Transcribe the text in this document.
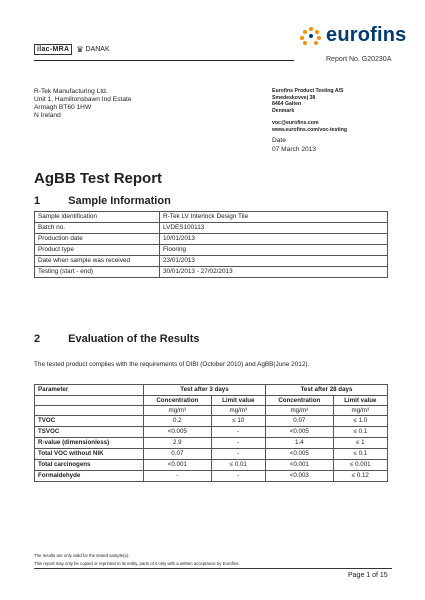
ilac-MRA ♛ DANAK
eurofins
Report No. G20230A
R-Tek Manufacturing Ltd.
Unit 1, Hamiltonsbawn Ind Estate
Armagh BT60 1HW
N Ireland
Eurofins Product Testing A/S
Smedeskovvej 38
8464 Galten
Denmark
voc@eurofins.com
www.eurofins.com/voc-testing
Date
07 March 2013
AgBB Test Report
1	Sample Information
Sample identification	R-Tek LV Interlock Design Tile
Batch no.	LVDES100113
Production date	10/01/2013
Product type	Flooring
Date when sample was received	23/01/2013
Testing (start - end)	30/01/2013 - 27/02/2013
2	Evaluation of the Results
The tested product complies with the requirements of DIBt (October 2010) and AgBB(June 2012).
Parameter	Test after 3 days		Test after 28 days	
	Concentration	Limit value	Concentration	Limit value
	mg/m³	mg/m³	mg/m³	mg/m³
TVOC	0.2	≤ 10	0.07	≤ 1.0
TSVOC	<0.005	-	<0.005	≤ 0.1
R-value (dimensionless)	2.9	-	1.4	≤ 1
Total VOC without NIK	0.07	-	<0.005	≤ 0.1
Total carcinogens	<0.001	≤ 0.01	<0.001	≤ 0.001
Formaldehyde	-	-	<0.003	≤ 0.12
The results are only valid for the tested sample(s).
This report may only be copied or reprinted in its entity, parts of it only with a written acceptance by Eurofins.
Page 1 of 15
